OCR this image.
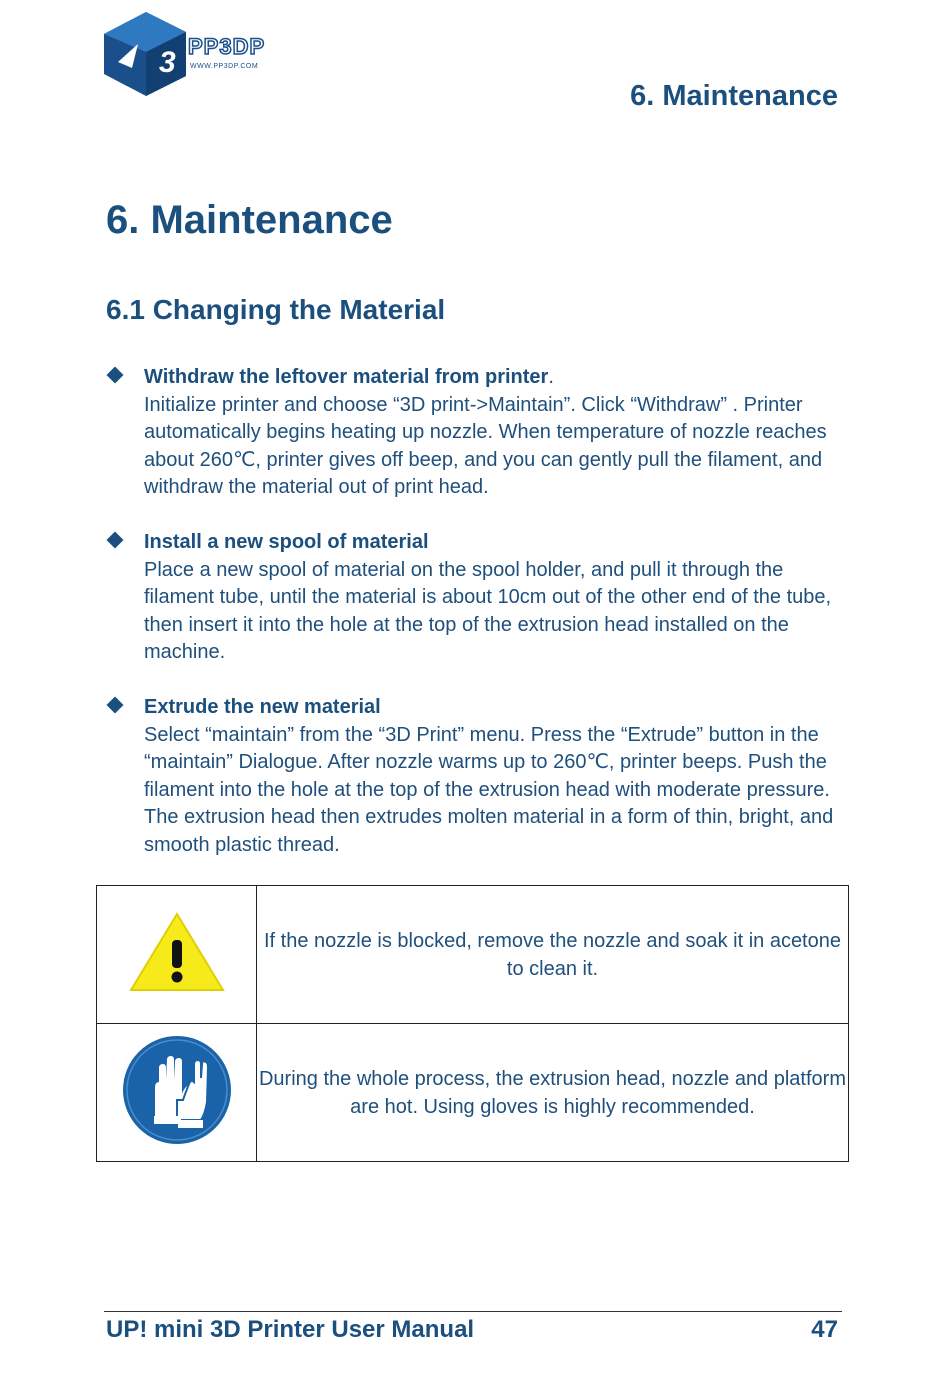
3 PP3DP
WWW.PP3DP.COM
6. Maintenance
6. Maintenance
6.1 Changing the Material
Withdraw the leftover material from printer.
Initialize printer and choose “3D print->Maintain”. Click “Withdraw” . Printer automatically begins heating up nozzle. When temperature of nozzle reaches about 260℃, printer gives off beep, and you can gently pull the filament, and withdraw the material out of print head.
Install a new spool of material
Place a new spool of material on the spool holder, and pull it through the filament tube, until the material is about 10cm out of the other end of the tube, then insert it into the hole at the top of the extrusion head installed on the machine.
Extrude the new material
Select “maintain” from the “3D Print” menu. Press the “Extrude” button in the “maintain” Dialogue. After nozzle warms up to 260℃, printer beeps. Push the filament into the hole at the top of the extrusion head with moderate pressure. The extrusion head then extrudes molten material in a form of thin, bright, and smooth plastic thread.
	If the nozzle is blocked, remove the nozzle and soak it in acetone to clean it.
	During the whole process, the extrusion head, nozzle and platform are hot. Using gloves is highly recommended.
UP! mini 3D Printer User Manual	47
